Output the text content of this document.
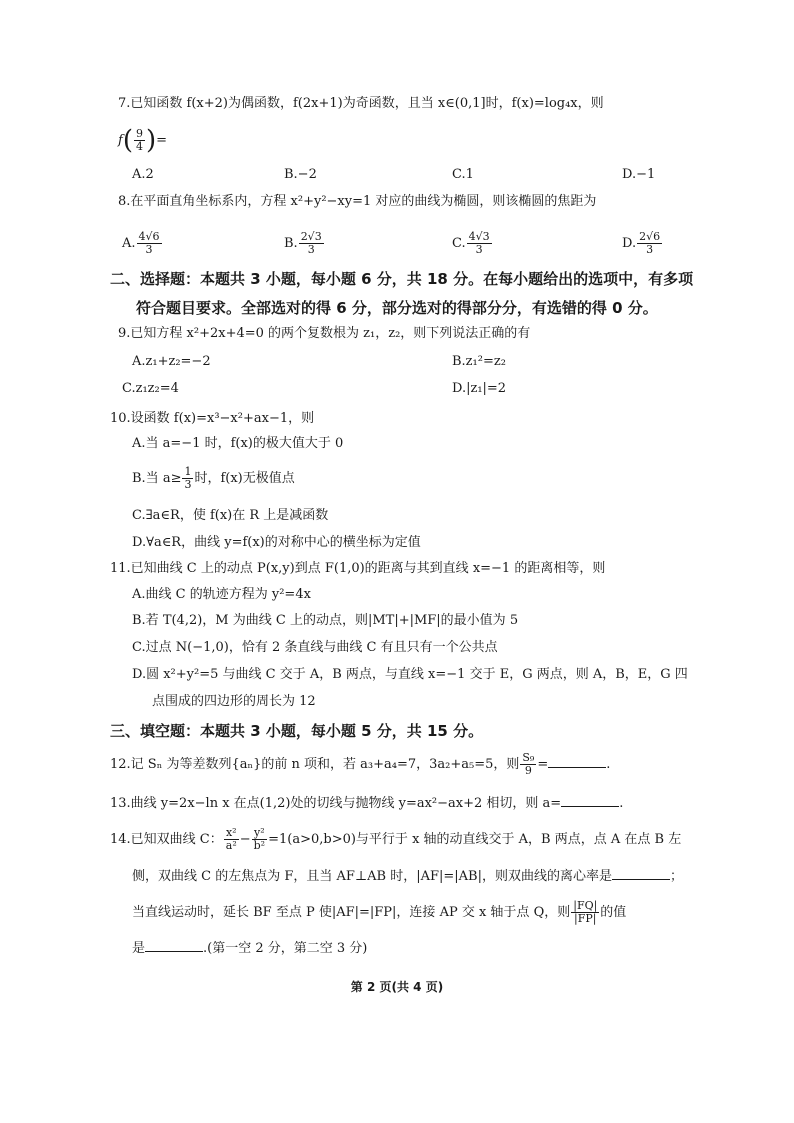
7.已知函数 f(x+2)为偶函数，f(2x+1)为奇函数，且当 x∈(0,1]时，f(x)=log₄x，则
$f( \frac{9}{4}$ )=
A.2	B.−2	C.1	D.−1
8.在平面直角坐标系内，方程 x²+y²−xy=1 对应的曲线为椭圆，则该椭圆的焦距为
A. $\frac{4√6}{3}$	B. $\frac{2√3}{3}$	C. $\frac{4√3}{3}$	D. $\frac{2√6}{3}$
二、选择题：本题共 3 小题，每小题 6 分，共 18 分。在每小题给出的选项中，有多项
符合题目要求。全部选对的得 6 分，部分选对的得部分分，有选错的得 0 分。
9.已知方程 x²+2x+4=0 的两个复数根为 z₁，z₂，则下列说法正确的有
A.z₁+z₂=−2	B.z₁²=z₂
C.z₁z₂=4	D.|z₁|=2
10.设函数 f(x)=x³−x²+ax−1，则
A.当 a=−1 时，f(x)的极大值大于 0
B.当 $a\ge \frac{1}{3}$ 时，f(x)无极值点
C.∃a∈R，使 f(x)在 R 上是减函数
D.∀a∈R，曲线 y=f(x)的对称中心的横坐标为定值
11.已知曲线 C 上的动点 P(x,y)到点 F(1,0)的距离与其到直线 x=−1 的距离相等，则
A.曲线 C 的轨迹方程为 y²=4x
B.若 T(4,2)，M 为曲线 C 上的动点，则|MT|+|MF|的最小值为 5
C.过点 N(−1,0)，恰有 2 条直线与曲线 C 有且只有一个公共点
D.圆 x²+y²=5 与曲线 C 交于 A，B 两点，与直线 x=−1 交于 E，G 两点，则 A，B，E，G 四
点围成的四边形的周长为 12
三、填空题：本题共 3 小题，每小题 5 分，共 15 分。
12.记 Sₙ 为等差数列{aₙ}的前 n 项和，若 a₃+a₄=7，3a₂+a₅=5，则 $\frac{\text{S₉}}{9}$ =	.
13.曲线 y=2x−ln x 在点(1,2)处的切线与抛物线 y=ax²−ax+2 相切，则 a=	.
14.已知双曲线 C： $\frac{\text{x²}}{\text{a²}} - \frac{\text{y²}}{\text{b²}} =1(a>0,b>0)$与平行于 x 轴的动直线交于 A，B 两点，点 A 在点 B 左
侧，双曲线 C 的左焦点为 F，且当 AF⊥AB 时，|AF|=|AB|，则双曲线的离心率是	；
当直线运动时，延长 BF 至点 P 使|AF|=|FP|，连接 AP 交 x 轴于点 Q，则 $\frac{|FQ|}{|FP|}$ 的值
是	.(第一空 2 分，第二空 3 分)
第 2 页(共 4 页)
